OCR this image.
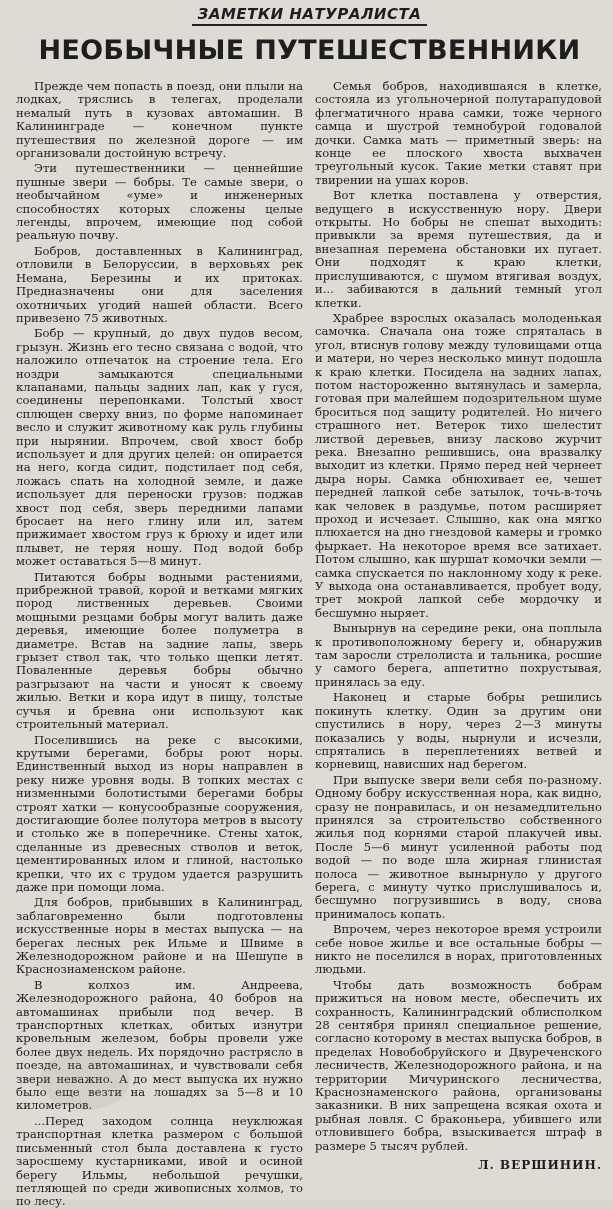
ЗАМЕТКИ НАТУРАЛИСТА
НЕОБЫЧНЫЕ ПУТЕШЕСТВЕННИКИ

Прежде чем попасть в поезд, они плыли на лодках, тряслись в телегах, проделали немалый путь в кузовах автомашин. В Калининграде — конечном пункте путешествия по железной дороге — им организовали достойную встречу.

Эти путешественники — ценнейшие пушные звери — бобры. Те самые звери, о необычайном «уме» и инженерных способностях которых сложены целые легенды, впрочем, имеющие под собой реальную почву.

Бобров, доставленных в Калининград, отловили в Белоруссии, в верховьях рек Немана, Березины и их притоках. Предназначены они для заселения охотничьих угодий нашей области. Всего привезено 75 животных.

Бобр — крупный, до двух пудов весом, грызун. Жизнь его тесно связана с водой, что наложило отпечаток на строение тела. Его ноздри замыкаются специальными клапанами, пальцы задних лап, как у гуся, соединены перепонками. Толстый хвост сплющен сверху вниз, по форме напоминает весло и служит животному как руль глубины при нырянии. Впрочем, свой хвост бобр использует и для других целей: он опирается на него, когда сидит, подстилает под себя, ложась спать на холодной земле, и даже использует для переноски грузов: поджав хвост под себя, зверь передними лапами бросает на него глину или ил, затем прижимает хвостом груз к брюху и идет или плывет, не теряя ношу. Под водой бобр может оставаться 5—8 минут.

Питаются бобры водными растениями, прибрежной травой, корой и ветками мягких пород лиственных деревьев. Своими мощными резцами бобры могут валить даже деревья, имеющие более полуметра в диаметре. Встав на задние лапы, зверь грызет ствол так, что только щепки летят. Поваленные деревья бобры обычно разгрызают на части и уносят к своему жилью. Ветки и кора идут в пищу, толстые сучья и бревна они используют как строительный материал.

Поселившись на реке с высокими, крутыми берегами, бобры роют норы. Единственный выход из норы направлен в реку ниже уровня воды. В топких местах с низменными болотистыми берегами бобры строят хатки — конусообразные сооружения, достигающие более полутора метров в высоту и столько же в поперечнике. Стены хаток, сделанные из древесных стволов и веток, цементированных илом и глиной, настолько крепки, что их с трудом удается разрушить даже при помощи лома.

Для бобров, прибывших в Калининград, заблаговременно были подготовлены искусственные норы в местах выпуска — на берегах лесных рек Ильме и Швиме в Железнодорожном районе и на Шешупе в Краснознаменском районе.

В колхоз им. Андреева, Железнодорожного района, 40 бобров на автомашинах прибыли под вечер. В транспортных клетках, обитых изнутри кровельным железом, бобры провели уже более двух недель. Их порядочно растрясло в поезде, на автомашинах, и чувствовали себя звери неважно. А до мест выпуска их нужно было еще везти на лошадях за 5—8 и 10 километров.

...Перед заходом солнца неуклюжая транспортная клетка размером с большой письменный стол была доставлена к густо заросшему кустарниками, ивой и осиной берегу Ильмы, небольшой речушки, петляющей по среди живописных холмов, то по лесу.

Семья бобров, находившаяся в клетке, состояла из угольночерной полутарапудовой флегматичного нрава самки, тоже черного самца и шустрой темнобурой годовалой дочки. Самка мать — приметный зверь: на конце ее плоского хвоста выхвачен треугольный кусок. Такие метки ставят при твирении на ушах коров.

Вот клетка поставлена у отверстия, ведущего в искусственную нору. Двери открыты. Но бобры не спешат выходить: привыкли за время путешествия, да и внезапная перемена обстановки их пугает. Они подходят к краю клетки, прислушиваются, с шумом втягивая воздух, и... забиваются в дальний темный угол клетки.

Храбрее взрослых оказалась молоденькая самочка. Сначала она тоже спряталась в угол, втиснув голову между туловищами отца и матери, но через несколько минут подошла к краю клетки. Посидела на задних лапах, потом настороженно вытянулась и замерла, готовая при малейшем подозрительном шуме броситься под защиту родителей. Но ничего страшного нет. Ветерок тихо шелестит листвой деревьев, внизу ласково журчит река. Внезапно решившись, она вразвалку выходит из клетки. Прямо перед ней чернеет дыра норы. Самка обнюхивает ее, чешет передней лапкой себе затылок, точь-в-точь как человек в раздумье, потом расширяет проход и исчезает. Слышно, как она мягко плюхается на дно гнездовой камеры и громко фыркает. На некоторое время все затихает. Потом слышно, как шуршат комочки земли — самка спускается по наклонному ходу к реке. У выхода она останавливается, пробует воду, трет мокрой лапкой себе мордочку и бесшумно ныряет.

Вынырнув на середине реки, она поплыла к противоположному берегу и, обнаружив там заросли стрелолиста и тальника, росшие у самого берега, аппетитно похрустывая, принялась за еду.

Наконец и старые бобры решились покинуть клетку. Один за другим они спустились в нору, через 2—3 минуты показались у воды, нырнули и исчезли, спрятались в переплетениях ветвей и корневищ, нависших над берегом.

При выпуске звери вели себя по-разному. Одному бобру искусственная нора, как видно, сразу не понравилась, и он незамедлительно принялся за строительство собственного жилья под корнями старой плакучей ивы. После 5—6 минут усиленной работы под водой — по воде шла жирная глинистая полоса — животное вынырнуло у другого берега, с минуту чутко прислушивалось и, бесшумно погрузившись в воду, снова принималось копать.

Впрочем, через некоторое время устроили себе новое жилье и все остальные бобры — никто не поселился в норах, приготовленных людьми.

Чтобы дать возможность бобрам прижиться на новом месте, обеспечить их сохранность, Калининградский облисполком 28 сентября принял специальное решение, согласно которому в местах выпуска бобров, в пределах Новобобруйского и Двуреченского лесничеств, Железнодорожного района, и на территории Мичуринского лесничества, Краснознаменского района, организованы заказники. В них запрещена всякая охота и рыбная ловля. С браконьера, убившего или отловившего бобра, взыскивается штраф в размере 5 тысяч рублей.

Л. ВЕРШИНИН.
